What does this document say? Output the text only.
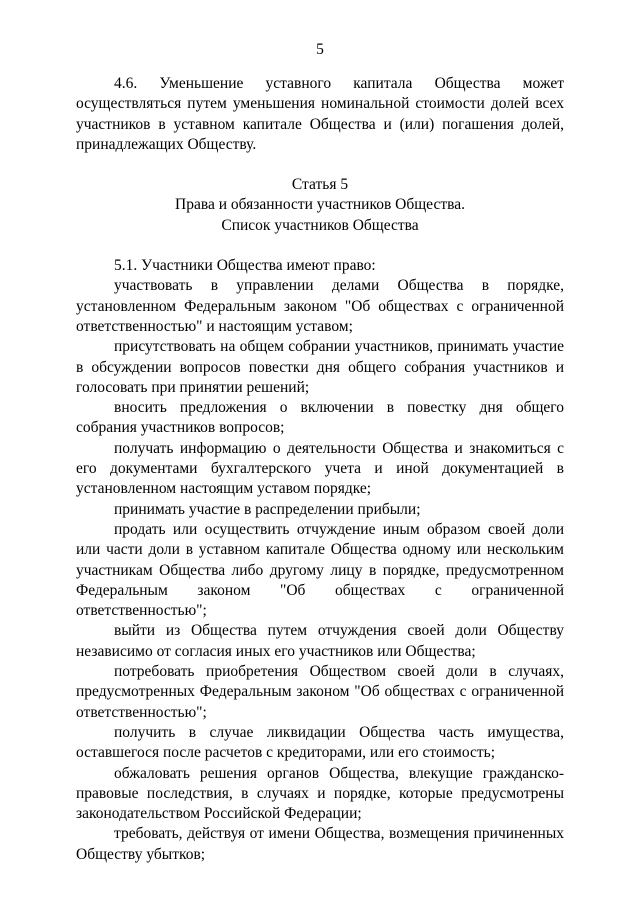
5

4.6. Уменьшение уставного капитала Общества может осуществляться путем уменьшения номинальной стоимости долей всех участников в уставном капитале Общества и (или) погашения долей, принадлежащих Обществу.

Статья 5
Права и обязанности участников Общества.
Список участников Общества

5.1. Участники Общества имеют право:

участвовать в управлении делами Общества в порядке, установленном Федеральным законом "Об обществах с ограниченной ответственностью" и настоящим уставом;

присутствовать на общем собрании участников, принимать участие в обсуждении вопросов повестки дня общего собрания участников и голосовать при принятии решений;

вносить предложения о включении в повестку дня общего собрания участников вопросов;

получать информацию о деятельности Общества и знакомиться с его документами бухгалтерского учета и иной документацией в установленном настоящим уставом порядке;

принимать участие в распределении прибыли;

продать или осуществить отчуждение иным образом своей доли или части доли в уставном капитале Общества одному или нескольким участникам Общества либо другому лицу в порядке, предусмотренном Федеральным законом "Об обществах с ограниченной ответственностью";

выйти из Общества путем отчуждения своей доли Обществу независимо от согласия иных его участников или Общества;

потребовать приобретения Обществом своей доли в случаях, предусмотренных Федеральным законом "Об обществах с ограниченной ответственностью";

получить в случае ликвидации Общества часть имущества, оставшегося после расчетов с кредиторами, или его стоимость;

обжаловать решения органов Общества, влекущие гражданско-правовые последствия, в случаях и порядке, которые предусмотрены законодательством Российской Федерации;

требовать, действуя от имени Общества, возмещения причиненных Обществу убытков;
